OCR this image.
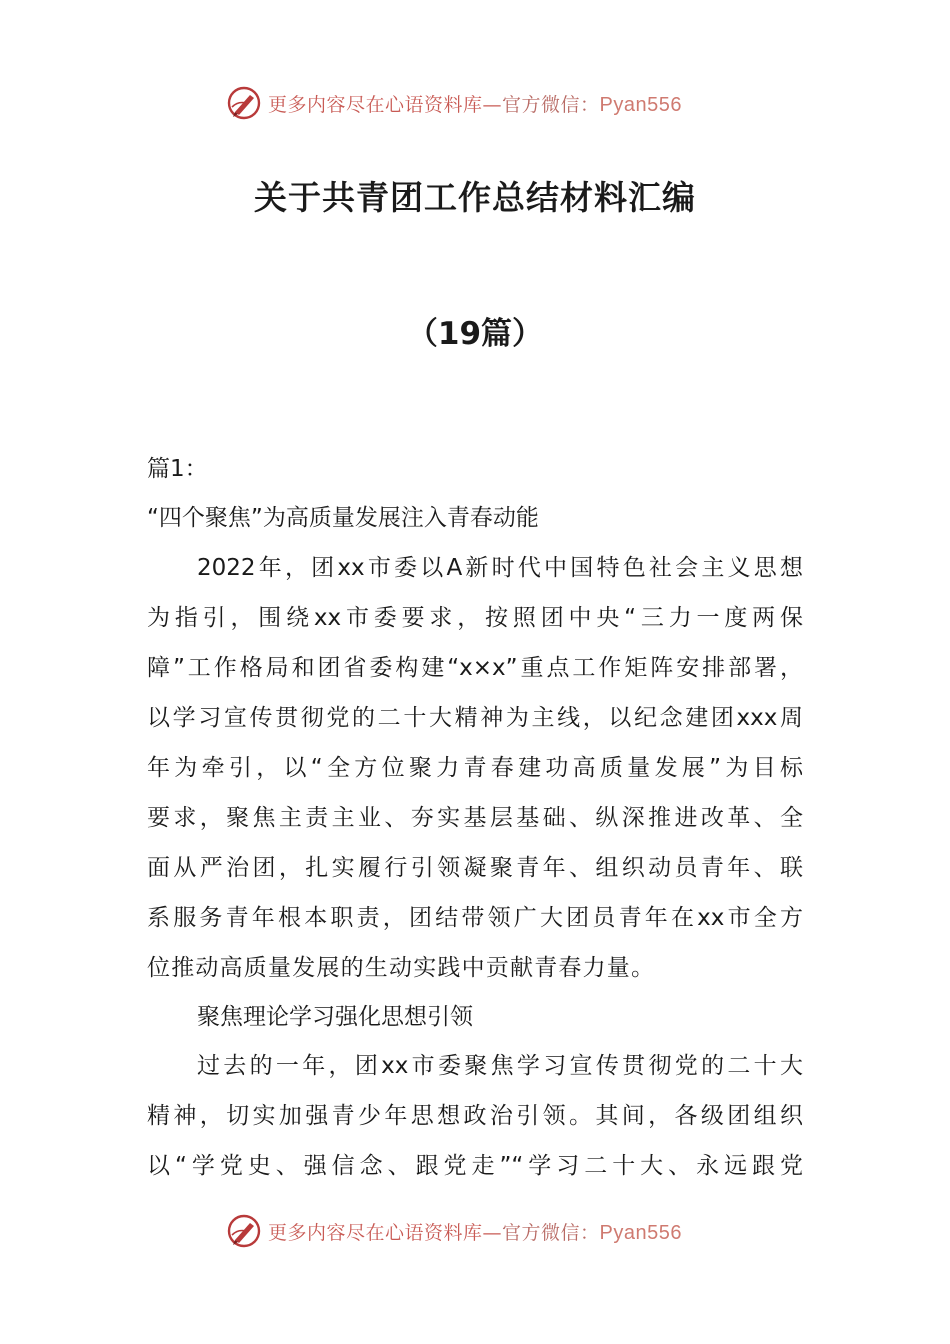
更多内容尽在心语资料库—官方微信：Pyan556
关于共青团工作总结材料汇编
（19篇）

篇1：

“四个聚焦”为高质量发展注入青春动能

2022年，团xx市委以A新时代中国特色社会主义思想

为指引，围绕xx市委要求，按照团中央“三力一度两保

障”工作格局和团省委构建“x×x”重点工作矩阵安排部署，

以学习宣传贯彻党的二十大精神为主线，以纪念建团xxx周

年为牵引，以“全方位聚力青春建功高质量发展”为目标

要求，聚焦主责主业、夯实基层基础、纵深推进改革、全

面从严治团，扎实履行引领凝聚青年、组织动员青年、联

系服务青年根本职责，团结带领广大团员青年在xx市全方

位推动高质量发展的生动实践中贡献青春力量。

聚焦理论学习强化思想引领

过去的一年，团xx市委聚焦学习宣传贯彻党的二十大

精神，切实加强青少年思想政治引领。其间，各级团组织

以“学党史、强信念、跟党走”“学习二十大、永远跟党

更多内容尽在心语资料库—官方微信：Pyan556
